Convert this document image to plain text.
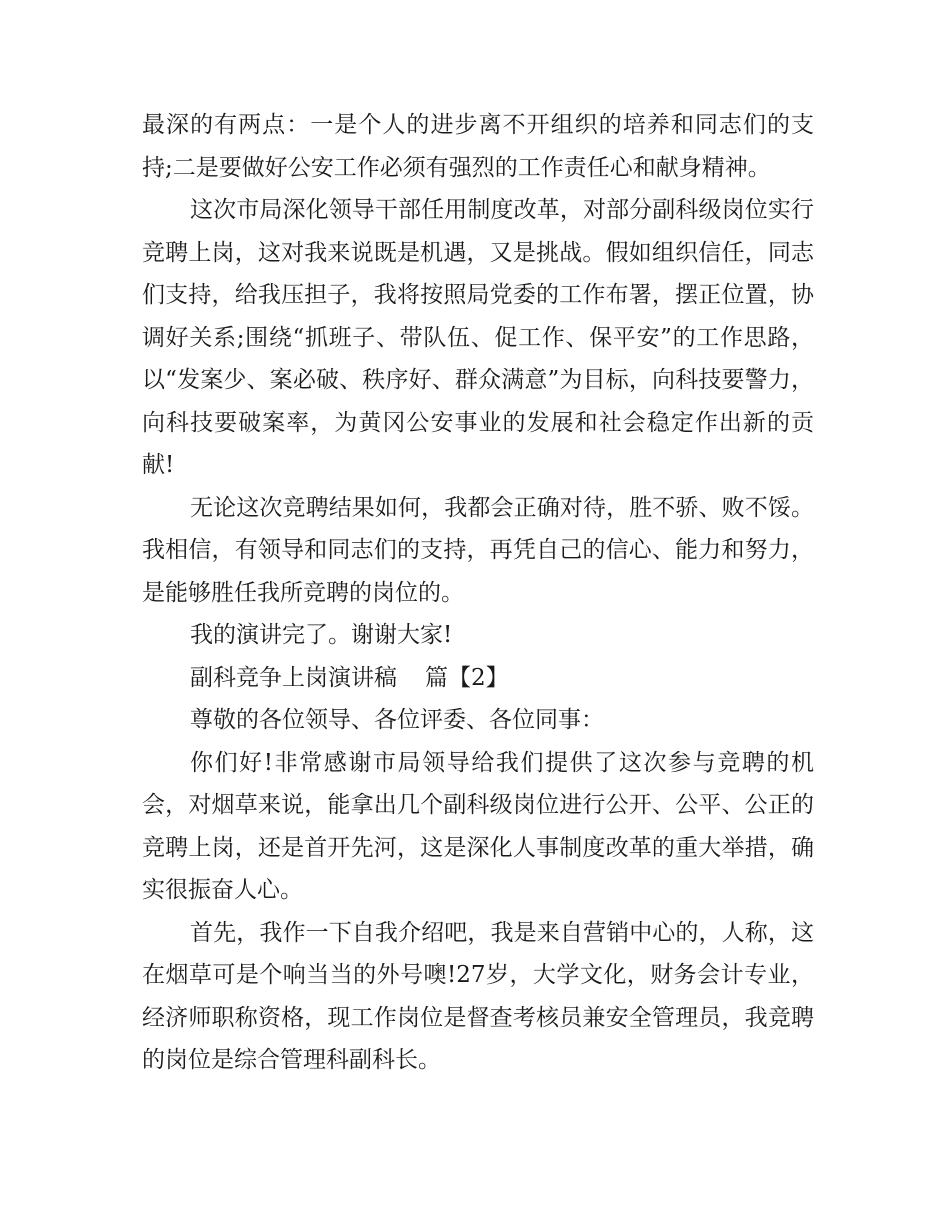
最深的有两点：一是个人的进步离不开组织的培养和同志们的支持;二是要做好公安工作必须有强烈的工作责任心和献身精神。

这次市局深化领导干部任用制度改革，对部分副科级岗位实行竞聘上岗，这对我来说既是机遇，又是挑战。假如组织信任，同志们支持，给我压担子，我将按照局党委的工作布署，摆正位置，协调好关系;围绕“抓班子、带队伍、促工作、保平安”的工作思路，以“发案少、案必破、秩序好、群众满意”为目标，向科技要警力，向科技要破案率，为黄冈公安事业的发展和社会稳定作出新的贡献!

无论这次竞聘结果如何，我都会正确对待，胜不骄、败不馁。我相信，有领导和同志们的支持，再凭自己的信心、能力和努力，是能够胜任我所竞聘的岗位的。

我的演讲完了。谢谢大家!

副科竞争上岗演讲稿 篇【2】

尊敬的各位领导、各位评委、各位同事：

你们好!非常感谢市局领导给我们提供了这次参与竞聘的机会，对烟草来说，能拿出几个副科级岗位进行公开、公平、公正的竞聘上岗，还是首开先河，这是深化人事制度改革的重大举措，确实很振奋人心。

首先，我作一下自我介绍吧，我是来自营销中心的，人称，这在烟草可是个响当当的外号噢!27岁，大学文化，财务会计专业，经济师职称资格，现工作岗位是督查考核员兼安全管理员，我竞聘的岗位是综合管理科副科长。
